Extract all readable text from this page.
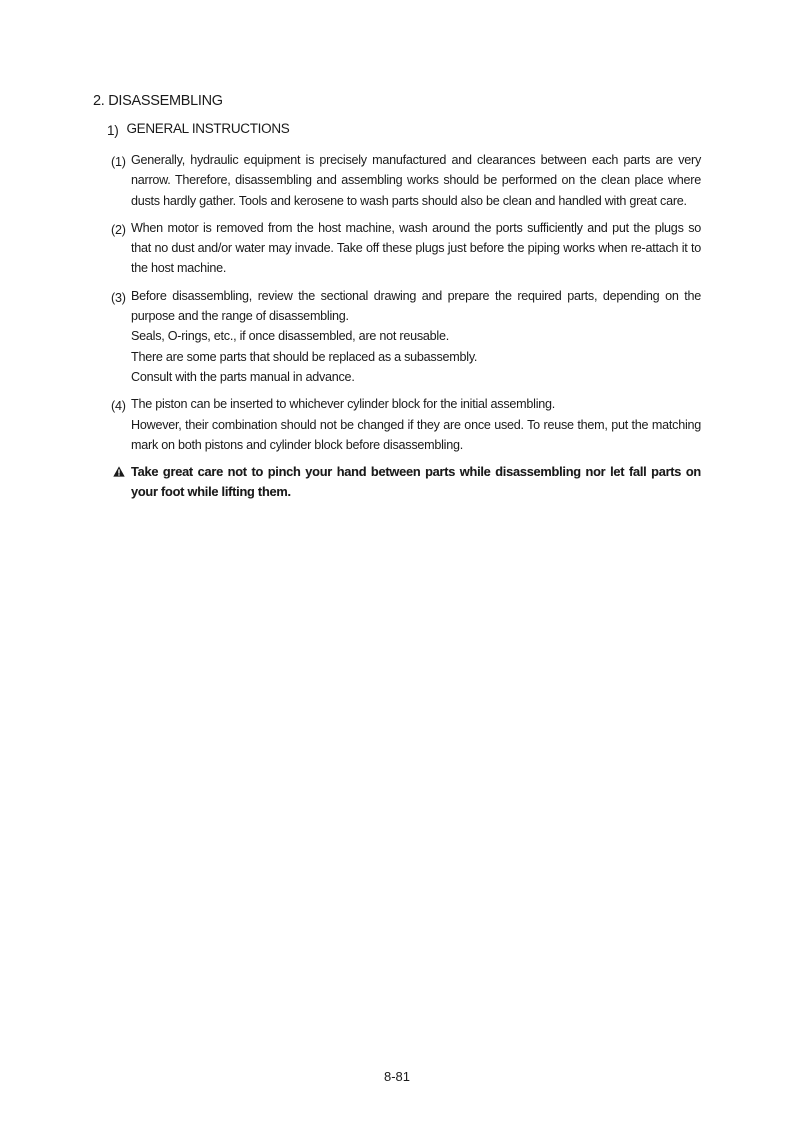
2. DISASSEMBLING
1) GENERAL INSTRUCTIONS
(1) Generally, hydraulic equipment is precisely manufactured and clearances between each parts are very narrow. Therefore, disassembling and assembling works should be performed on the clean place where dusts hardly gather. Tools and kerosene to wash parts should also be clean and handled with great care.

(2) When motor is removed from the host machine, wash around the ports sufficiently and put the plugs so that no dust and/or water may invade. Take off these plugs just before the piping works when re-attach it to the host machine.

(3) Before disassembling, review the sectional drawing and prepare the required parts, depending on the purpose and the range of disassembling.

Seals, O-rings, etc., if once disassembled, are not reusable.

There are some parts that should be replaced as a subassembly.

Consult with the parts manual in advance.

(4) The piston can be inserted to whichever cylinder block for the initial assembling.

However, their combination should not be changed if they are once used. To reuse them, put the matching mark on both pistons and cylinder block before disassembling.

Take great care not to pinch your hand between parts while disassembling nor let fall parts on your foot while lifting them.
8-81
